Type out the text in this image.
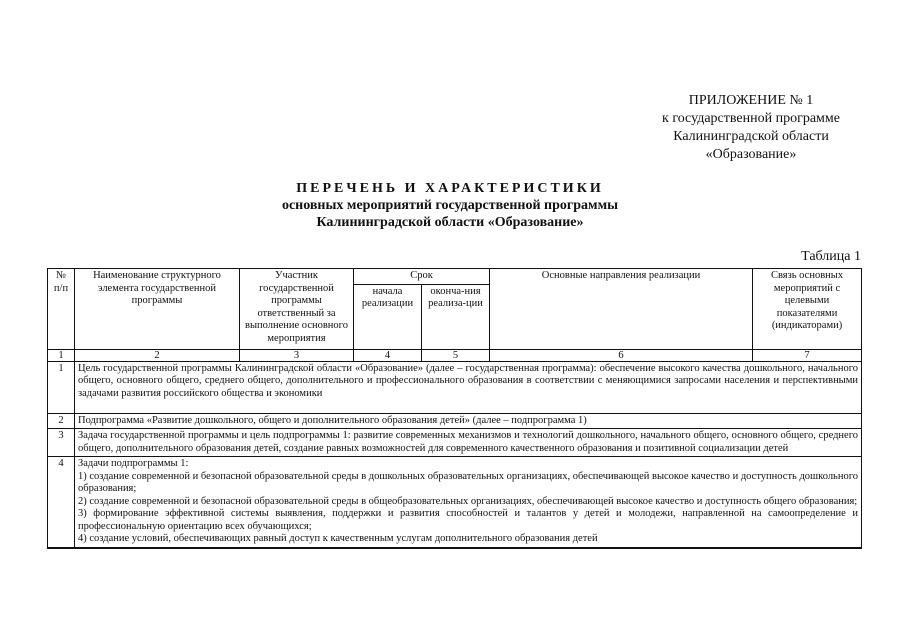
ПРИЛОЖЕНИЕ № 1
к государственной программе
Калининградской области
«Образование»
ПЕРЕЧЕНЬ И ХАРАКТЕРИСТИКИ
основных мероприятий государственной программы
Калининградской области «Образование»
Таблица 1
№ п/п	Наименование структурного элемента государственной программы	Участник государственной программы ответственный за выполнение основного мероприятия	Срок		Основные направления реализации	Связь основных мероприятий с целевыми показателями (индикаторами)
			начала реализации	оконча-ния реализа-ции		
1	2	3	4	5	6	7
1	Цель государственной программы Калининградской области «Образование» (далее – государственная программа): обеспечение высокого качества дошкольного, начального общего, основного общего, среднего общего, дополнительного и профессионального образования в соответствии с меняющимися запросами населения и перспективными задачами развития российского общества и экономики					
2	Подпрограмма «Развитие дошкольного, общего и дополнительного образования детей» (далее – подпрограмма 1)					
3	Задача государственной программы и цель подпрограммы 1: развитие современных механизмов и технологий дошкольного, начального общего, основного общего, среднего общего, дополнительного образования детей, создание равных возможностей для современного качественного образования и позитивной социализации детей					
4	Задачи подпрограммы 1:
1) создание современной и безопасной образовательной среды в дошкольных образовательных организациях, обеспечивающей высокое качество и доступность дошкольного образования;
2) создание современной и безопасной образовательной среды в общеобразовательных организациях, обеспечивающей высокое качество и доступность общего образования;
3) формирование эффективной системы выявления, поддержки и развития способностей и талантов у детей и молодежи, направленной на самоопределение и профессиональную ориентацию всех обучающихся;
4) создание условий, обеспечивающих равный доступ к качественным услугам дополнительного образования детей					
